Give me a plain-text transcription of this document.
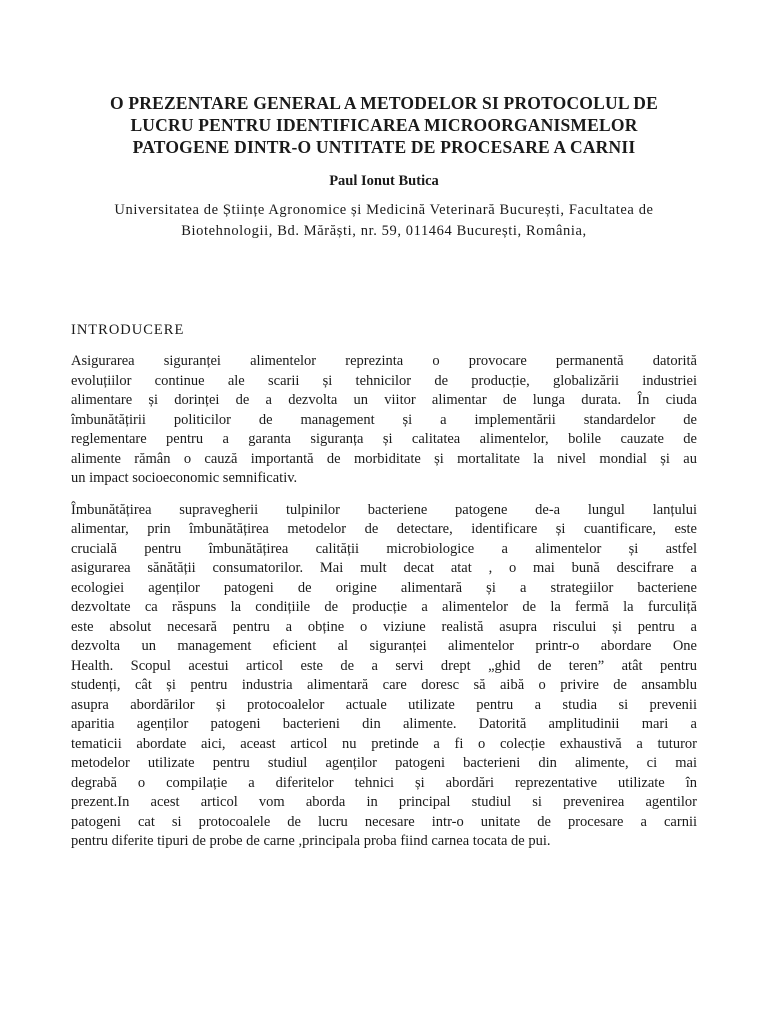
O PREZENTARE GENERAL A METODELOR SI PROTOCOLUL DE
LUCRU PENTRU IDENTIFICAREA MICROORGANISMELOR
PATOGENE DINTR-O UNTITATE DE PROCESARE A CARNII
Paul Ionut Butica
Universitatea de Științe Agronomice și Medicină Veterinară București, Facultatea de
Biotehnologii, Bd. Mărăști, nr. 59, 011464 București, România,
INTRODUCERE

Asigurarea siguranței alimentelor reprezinta o provocare permanentă datorită
evoluțiilor continue ale scarii și tehnicilor de producție, globalizării industriei
alimentare și dorinței de a dezvolta un viitor alimentar de lunga durata. În ciuda
îmbunătățirii politicilor de management și a implementării standardelor de
reglementare pentru a garanta siguranța și calitatea alimentelor, bolile cauzate de
alimente rămân o cauză importantă de morbiditate și mortalitate la nivel mondial și au
un impact socioeconomic semnificativ.

Îmbunătățirea supravegherii tulpinilor bacteriene patogene de-a lungul lanțului
alimentar, prin îmbunătățirea metodelor de detectare, identificare și cuantificare, este
crucială pentru îmbunătățirea calității microbiologice a alimentelor și astfel
asigurarea sănătății consumatorilor. Mai mult decat atat , o mai bună descifrare a
ecologiei agenților patogeni de origine alimentară și a strategiilor bacteriene
dezvoltate ca răspuns la condițiile de producție a alimentelor de la fermă la furculiță
este absolut necesară pentru a obține o viziune realistă asupra riscului și pentru a
dezvolta un management eficient al siguranței alimentelor printr-o abordare One
Health. Scopul acestui articol este de a servi drept „ghid de teren” atât pentru
studenți, cât și pentru industria alimentară care doresc să aibă o privire de ansamblu
asupra abordărilor și protocoalelor actuale utilizate pentru a studia si prevenii
aparitia agenților patogeni bacterieni din alimente. Datorită amplitudinii mari a
tematicii abordate aici, aceast articol nu pretinde a fi o colecție exhaustivă a tuturor
metodelor utilizate pentru studiul agenților patogeni bacterieni din alimente, ci mai
degrabă o compilație a diferitelor tehnici și abordări reprezentative utilizate în
prezent.In acest articol vom aborda in principal studiul si prevenirea agentilor
patogeni cat si protocoalele de lucru necesare intr-o unitate de procesare a carnii
pentru diferite tipuri de probe de carne ,principala proba fiind carnea tocata de pui.
